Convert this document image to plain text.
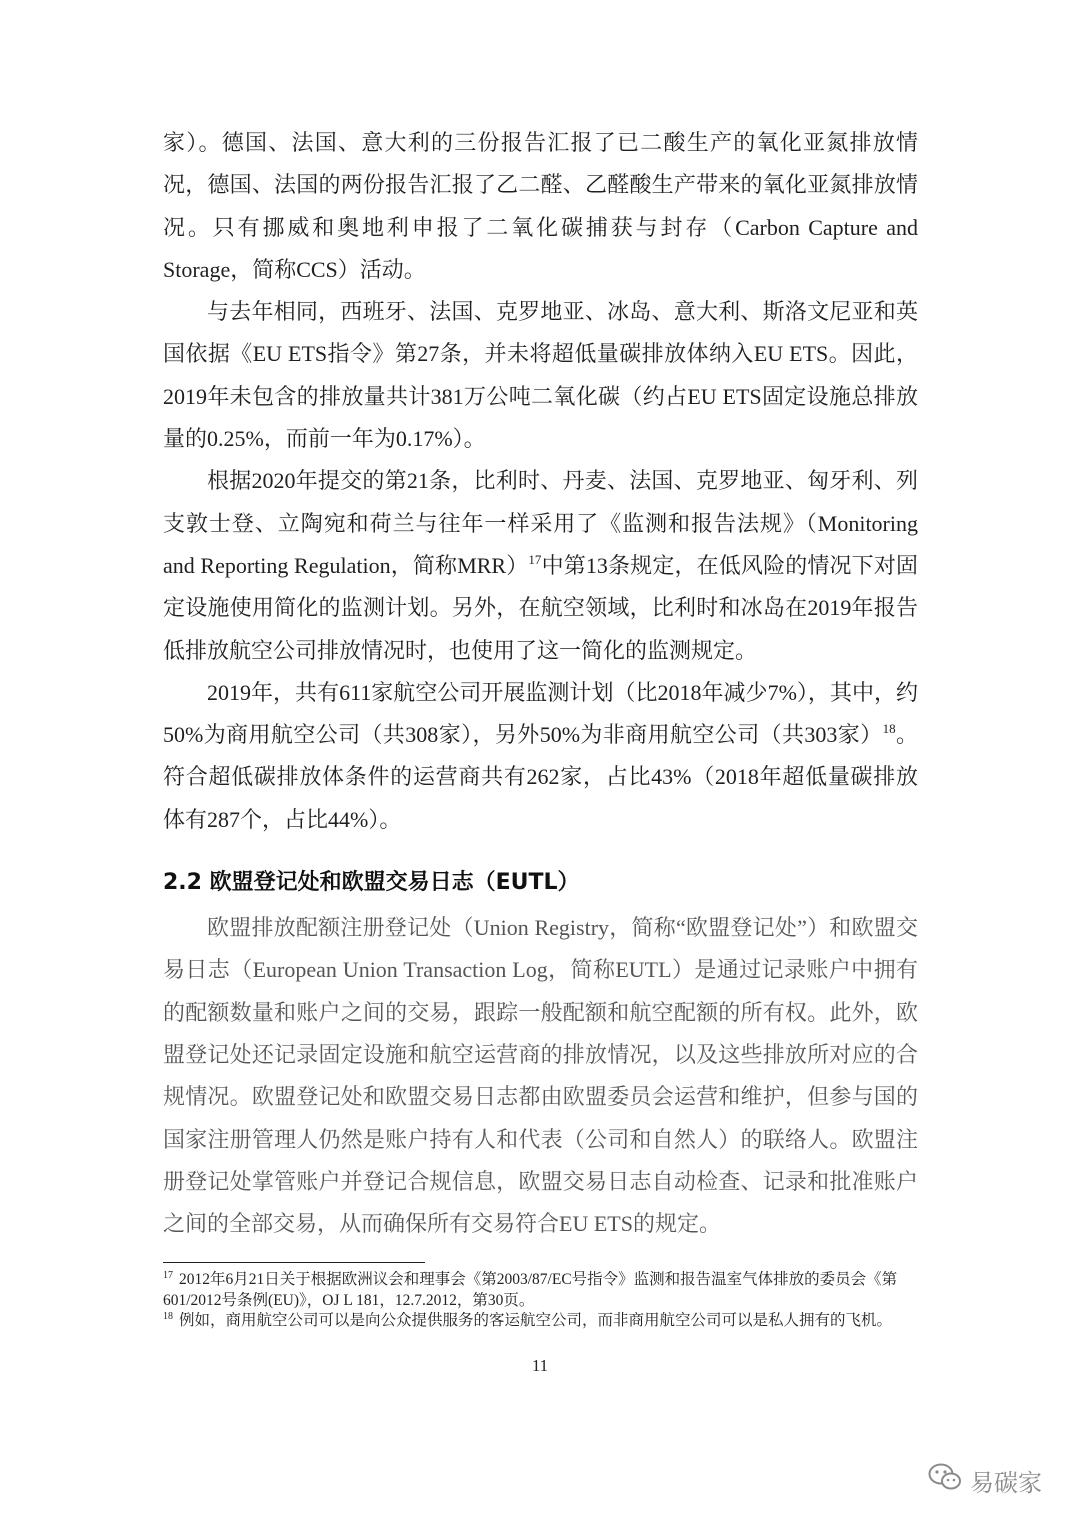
家）。德国、法国、意大利的三份报告汇报了已二酸生产的氧化亚氮排放情况，德国、法国的两份报告汇报了乙二醛、乙醛酸生产带来的氧化亚氮排放情况。只有挪威和奥地利申报了二氧化碳捕获与封存（Carbon Capture and Storage，简称CCS）活动。

与去年相同，西班牙、法国、克罗地亚、冰岛、意大利、斯洛文尼亚和英国依据《EU ETS指令》第27条，并未将超低量碳排放体纳入EU ETS。因此，2019年未包含的排放量共计381万公吨二氧化碳（约占EU ETS固定设施总排放量的0.25%，而前一年为0.17%）。

根据2020年提交的第21条，比利时、丹麦、法国、克罗地亚、匈牙利、列支敦士登、立陶宛和荷兰与往年一样采用了《监测和报告法规》（Monitoring and Reporting Regulation，简称MRR）$^{17}$中第13条规定，在低风险的情况下对固定设施使用简化的监测计划。另外，在航空领域，比利时和冰岛在2019年报告低排放航空公司排放情况时，也使用了这一简化的监测规定。

2019年，共有611家航空公司开展监测计划（比2018年减少7%），其中，约50%为商用航空公司（共308家），另外50%为非商用航空公司（共303家）$^{18}$。符合超低碳排放体条件的运营商共有262家，占比43%（2018年超低量碳排放体有287个，占比44%）。

2.2 欧盟登记处和欧盟交易日志（EUTL）

欧盟排放配额注册登记处（Union Registry，简称“欧盟登记处”）和欧盟交易日志（European Union Transaction Log，简称EUTL）是通过记录账户中拥有的配额数量和账户之间的交易，跟踪一般配额和航空配额的所有权。此外，欧盟登记处还记录固定设施和航空运营商的排放情况，以及这些排放所对应的合规情况。欧盟登记处和欧盟交易日志都由欧盟委员会运营和维护，但参与国的国家注册管理人仍然是账户持有人和代表（公司和自然人）的联络人。欧盟注册登记处掌管账户并登记合规信息，欧盟交易日志自动检查、记录和批准账户之间的全部交易，从而确保所有交易符合EU ETS的规定。

$^{17}$ 2012年6月21日关于根据欧洲议会和理事会《第2003/87/EC号指令》监测和报告温室气体排放的委员会《第601/2012号条例(EU)》，OJ L 181，12.7.2012，第30页。

$^{18}$ 例如，商用航空公司可以是向公众提供服务的客运航空公司，而非商用航空公司可以是私人拥有的飞机。

11
易碳家
